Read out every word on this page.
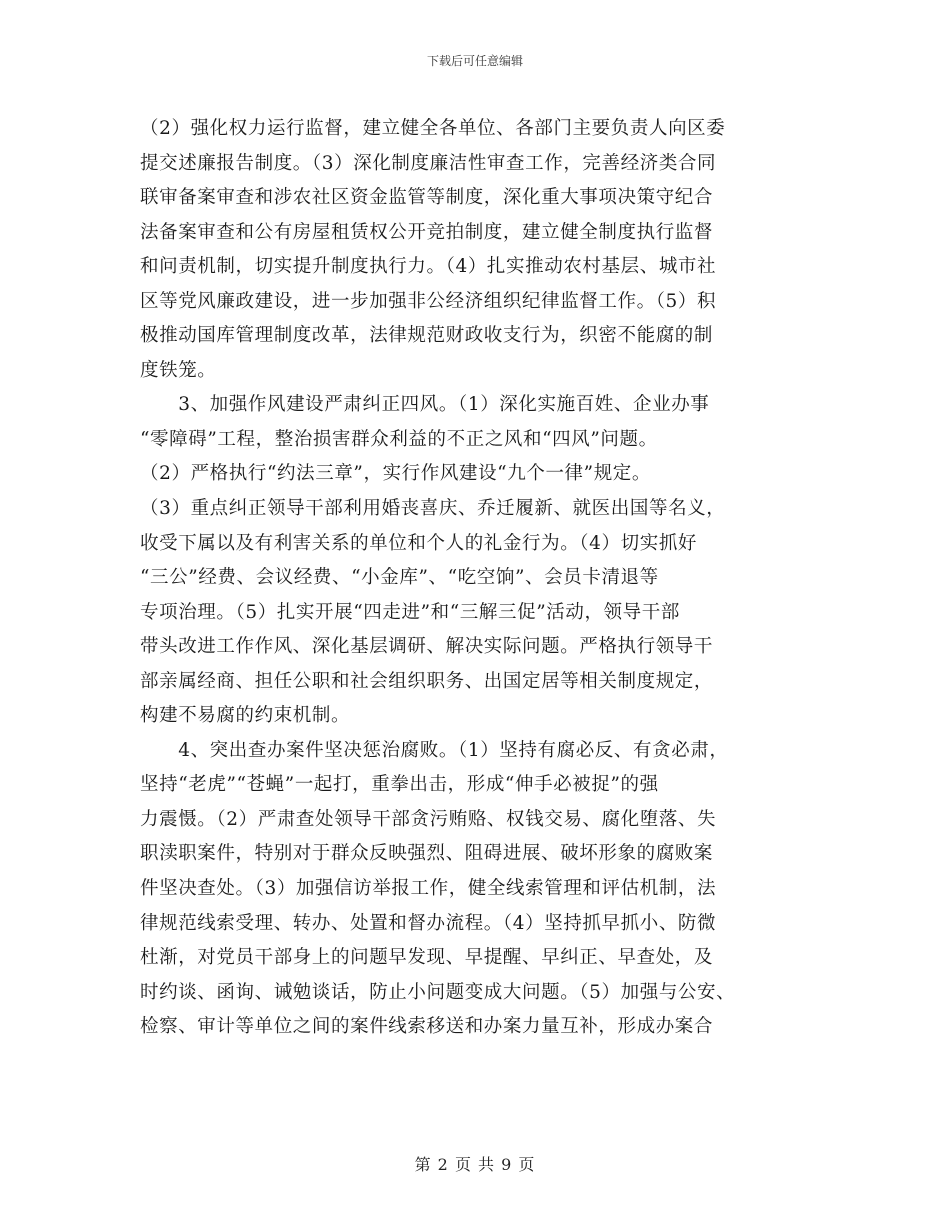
下载后可任意编辑
（2）强化权力运行监督，建立健全各单位、各部门主要负责人向区委
提交述廉报告制度。（3）深化制度廉洁性审查工作，完善经济类合同
联审备案审查和涉农社区资金监管等制度，深化重大事项决策守纪合
法备案审查和公有房屋租赁权公开竞拍制度，建立健全制度执行监督
和问责机制，切实提升制度执行力。（4）扎实推动农村基层、城市社
区等党风廉政建设，进一步加强非公经济组织纪律监督工作。（5）积
极推动国库管理制度改革，法律规范财政收支行为，织密不能腐的制
度铁笼。
　　3、加强作风建设严肃纠正四风。（1）深化实施百姓、企业办事
“零障碍”工程，整治损害群众利益的不正之风和“四风”问题。
（2）严格执行“约法三章”，实行作风建设“九个一律”规定。
（3）重点纠正领导干部利用婚丧喜庆、乔迁履新、就医出国等名义，
收受下属以及有利害关系的单位和个人的礼金行为。（4）切实抓好
“三公”经费、会议经费、“小金库”、“吃空饷”、会员卡清退等
专项治理。（5）扎实开展“四走进”和“三解三促”活动，领导干部
带头改进工作作风、深化基层调研、解决实际问题。严格执行领导干
部亲属经商、担任公职和社会组织职务、出国定居等相关制度规定，
构建不易腐的约束机制。
　　4、突出查办案件坚决惩治腐败。（1）坚持有腐必反、有贪必肃，
坚持“老虎”“苍蝇”一起打，重拳出击，形成“伸手必被捉”的强
力震慑。（2）严肃查处领导干部贪污贿赂、权钱交易、腐化堕落、失
职渎职案件，特别对于群众反映强烈、阻碍进展、破坏形象的腐败案
件坚决查处。（3）加强信访举报工作，健全线索管理和评估机制，法
律规范线索受理、转办、处置和督办流程。（4）坚持抓早抓小、防微
杜渐，对党员干部身上的问题早发现、早提醒、早纠正、早查处，及
时约谈、函询、诫勉谈话，防止小问题变成大问题。（5）加强与公安、
检察、审计等单位之间的案件线索移送和办案力量互补，形成办案合
第 2 页 共 9 页
